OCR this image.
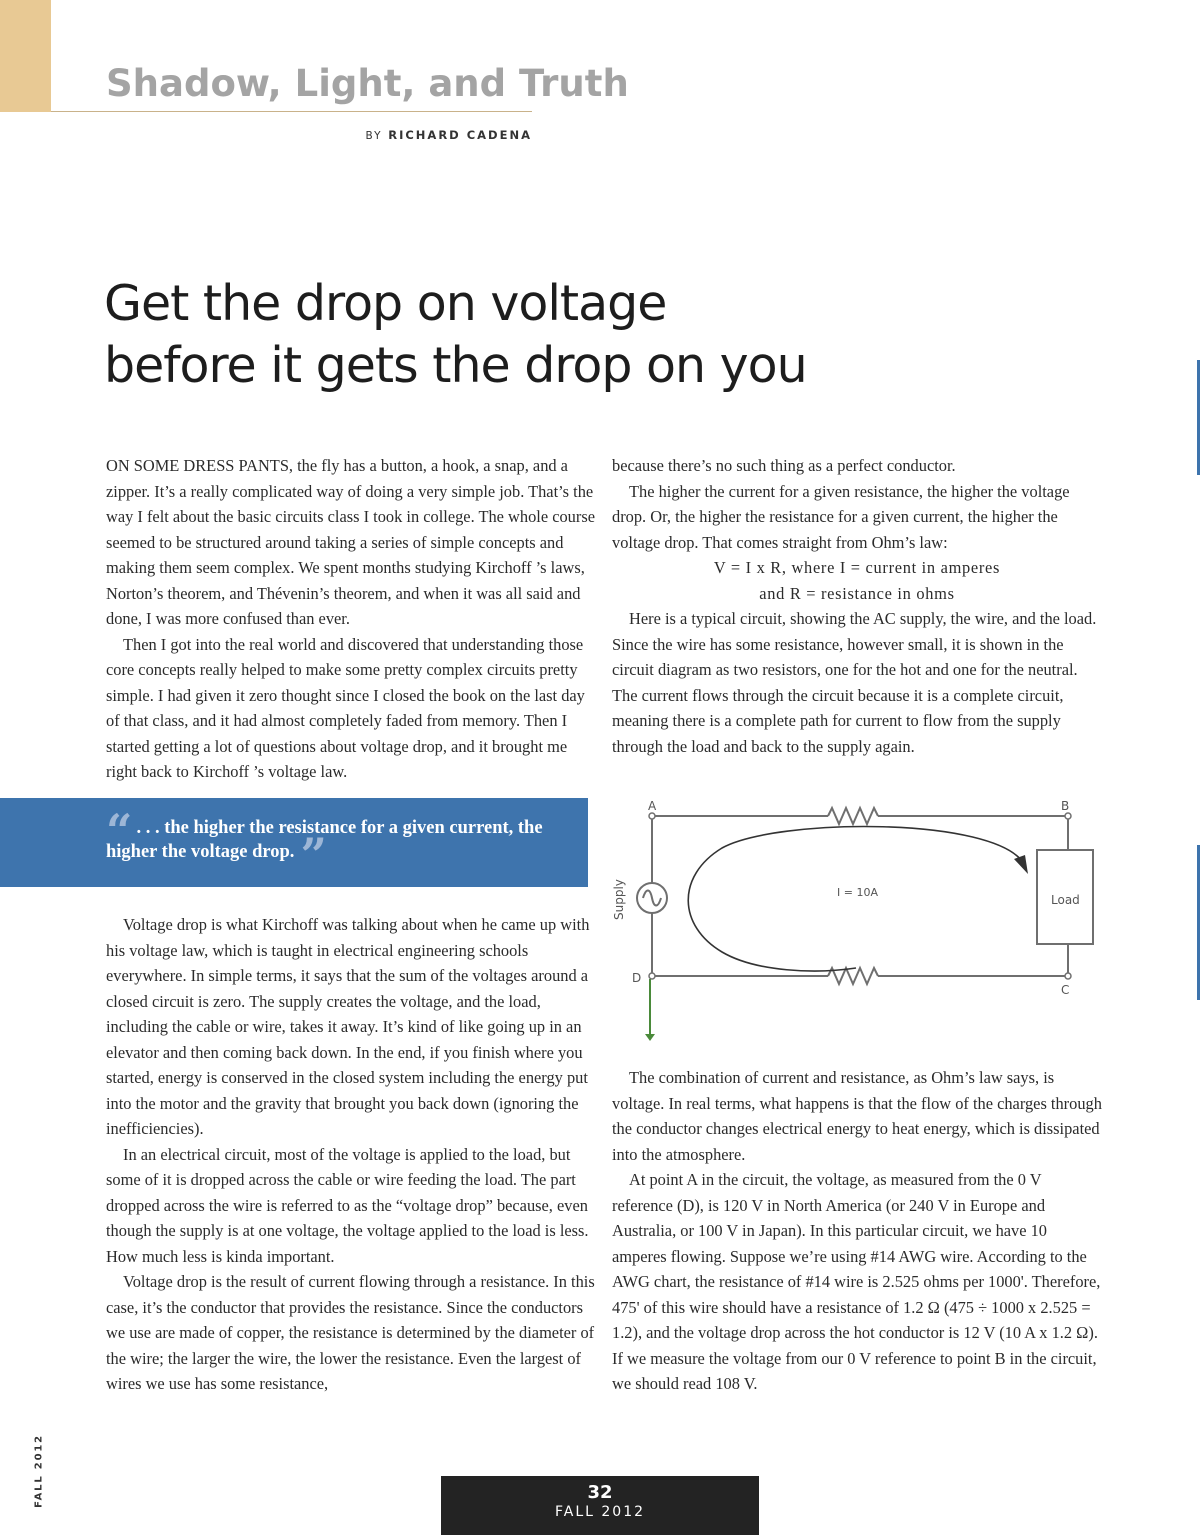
Shadow, Light, and Truth
BY RICHARD CADENA
Get the drop on voltage
before it gets the drop on you

ON SOME DRESS PANTS, the fly has a button, a hook, a snap, and a zipper. It’s a really complicated way of doing a very simple job. That’s the way I felt about the basic circuits class I took in college. The whole course seemed to be structured around taking a series of simple concepts and making them seem complex. We spent months studying Kirchoff ’s laws, Norton’s theorem, and Thévenin’s theorem, and when it was all said and done, I was more confused than ever.

Then I got into the real world and discovered that understanding those core concepts really helped to make some pretty complex circuits pretty simple. I had given it zero thought since I closed the book on the last day of that class, and it had almost completely faded from memory. Then I started getting a lot of questions about voltage drop, and it brought me right back to Kirchoff ’s voltage law.

“ . . . the higher the resistance for a given current, the higher the voltage drop. ”

Voltage drop is what Kirchoff was talking about when he came up with his voltage law, which is taught in electrical engineering schools everywhere. In simple terms, it says that the sum of the voltages around a closed circuit is zero. The supply creates the voltage, and the load, including the cable or wire, takes it away. It’s kind of like going up in an elevator and then coming back down. In the end, if you finish where you started, energy is conserved in the closed system including the energy put into the motor and the gravity that brought you back down (ignoring the inefficiencies).

In an electrical circuit, most of the voltage is applied to the load, but some of it is dropped across the cable or wire feeding the load. The part dropped across the wire is referred to as the “voltage drop” because, even though the supply is at one voltage, the voltage applied to the load is less. How much less is kinda important.

Voltage drop is the result of current flowing through a resistance. In this case, it’s the conductor that provides the resistance. Since the conductors we use are made of copper, the resistance is determined by the diameter of the wire; the larger the wire, the lower the resistance. Even the largest of wires we use has some resistance,

because there’s no such thing as a perfect conductor.

The higher the current for a given resistance, the higher the voltage drop. Or, the higher the resistance for a given current, the higher the voltage drop. That comes straight from Ohm’s law:

V = I x R, where I = current in amperes

and R = resistance in ohms

Here is a typical circuit, showing the AC supply, the wire, and the load. Since the wire has some resistance, however small, it is shown in the circuit diagram as two resistors, one for the hot and one for the neutral. The current flows through the circuit because it is a complete circuit, meaning there is a complete path for current to flow from the supply through the load and back to the supply again.

A	B
C
D
Supply	I = 10A
Load

The combination of current and resistance, as Ohm’s law says, is voltage. In real terms, what happens is that the flow of the charges through the conductor changes electrical energy to heat energy, which is dissipated into the atmosphere.

At point A in the circuit, the voltage, as measured from the 0 V reference (D), is 120 V in North America (or 240 V in Europe and Australia, or 100 V in Japan). In this particular circuit, we have 10 amperes flowing. Suppose we’re using #14 AWG wire. According to the AWG chart, the resistance of #14 wire is 2.525 ohms per 1000'. Therefore, 475' of this wire should have a resistance of 1.2 Ω (475 ÷ 1000 x 2.525 = 1.2), and the voltage drop across the hot conductor is 12 V (10 A x 1.2 Ω). If we measure the voltage from our 0 V reference to point B in the circuit, we should read 108 V.

FALL 2012	32
FALL 2012
